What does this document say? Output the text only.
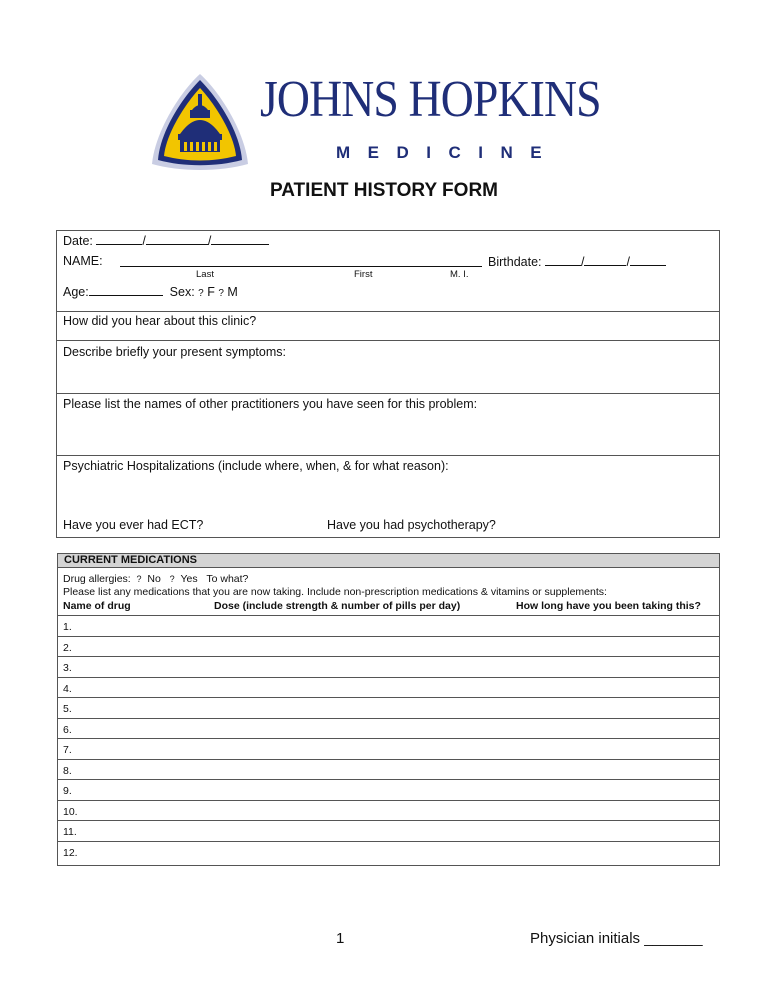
JOHNS HOPKINS
MEDICINE
PATIENT HISTORY FORM
Date:	/	/
NAME:	Birthdate:	/	/
Last	First	M. I.
Age:	Sex: ? F ? M
How did you hear about this clinic?
Describe briefly your present symptoms:
Please list the names of other practitioners you have seen for this problem:
Psychiatric Hospitalizations (include where, when, & for what reason):
Have you ever had ECT?	Have you had psychotherapy?
CURRENT MEDICATIONS
Drug allergies: ? No ? Yes To what?
Please list any medications that you are now taking. Include non-prescription medications & vitamins or supplements:
Name of drug	Dose (include strength & number of pills per day)	How long have you been taking this?
1.
2.
3.
4.
5.
6.
7.
8.
9.
10.
11.
12.
1	Physician initials _______
